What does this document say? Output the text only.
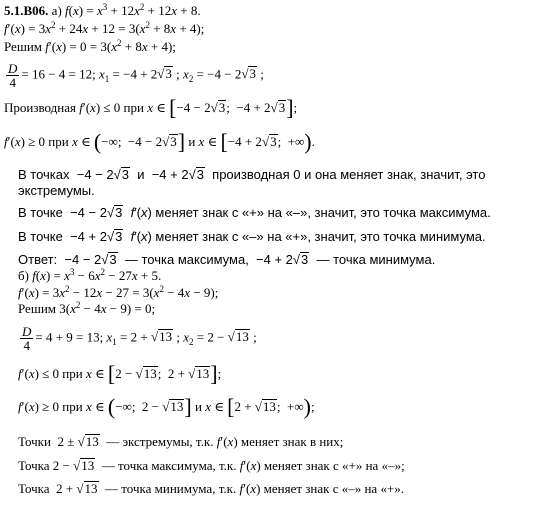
5.1.В06. а) $f(x) = x^3 + 12x^2 + 12x + 8$.
$f'(x) = 3x^2 + 24x + 12 = 3(x^2 + 8x + 4)$;
Решим $f'(x) = 0 = 3(x^2 + 8x + 4)$;
$\frac{D}{4} = 16 - 4 = 12$; $x_1 = -4 + 2√$ 3 ; $x_2 = -4 - 2√$ 3 ;
Производная f′(x) ≤ 0 при x ∈ [−4 − 2√ 3;  −4 + 2√ 3];
f′(x) ≥ 0 при x ∈ (−∞;  −4 − 2√ 3] и x ∈ [−4 + 2√ 3;  +∞).
В точках  −4 − 2√ 3  и  −4 + 2√ 3  производная 0 и она меняет знак, значит, это
экстремумы.
В точке  −4 − 2√ 3 f′(x) меняет знак с «+» на «–», значит, это точка максимума.
В точке  −4 + 2√ 3 f′(x) меняет знак с «–» на «+», значит, это точка минимума.
Ответ:  −4 − 2√ 3  — точка максимума,  −4 + 2√ 3  — точка минимума.
б) $f(x) = x^3 - 6x^2 - 27x + 5$.
$f'(x) = 3x^2 - 12x - 27 = 3(x^2 - 4x - 9)$;
Решим $3(x^2 - 4x - 9) = 0$;
$\frac{D}{4} = 4 + 9 = 13$; $x_1 = 2$ + √ 13 ; $x_2 = 2$ − √ 13 ;
f′(x) ≤ 0 при x ∈ [2 − √ 13;  2 + √ 13];
f′(x) ≥ 0 при x ∈ (−∞;  2 − √ 13] и x ∈ [2 + √ 13;  +∞);
Точки  2 ± √ 13  — экстремумы, т.к. f′(x) меняет знак в них;
Точка 2 − √ 13  — точка максимума, т.к. f′(x) меняет знак с «+» на «–»;
Точка  2 + √ 13  — точка минимума, т.к. f′(x) меняет знак с «–» на «+».
